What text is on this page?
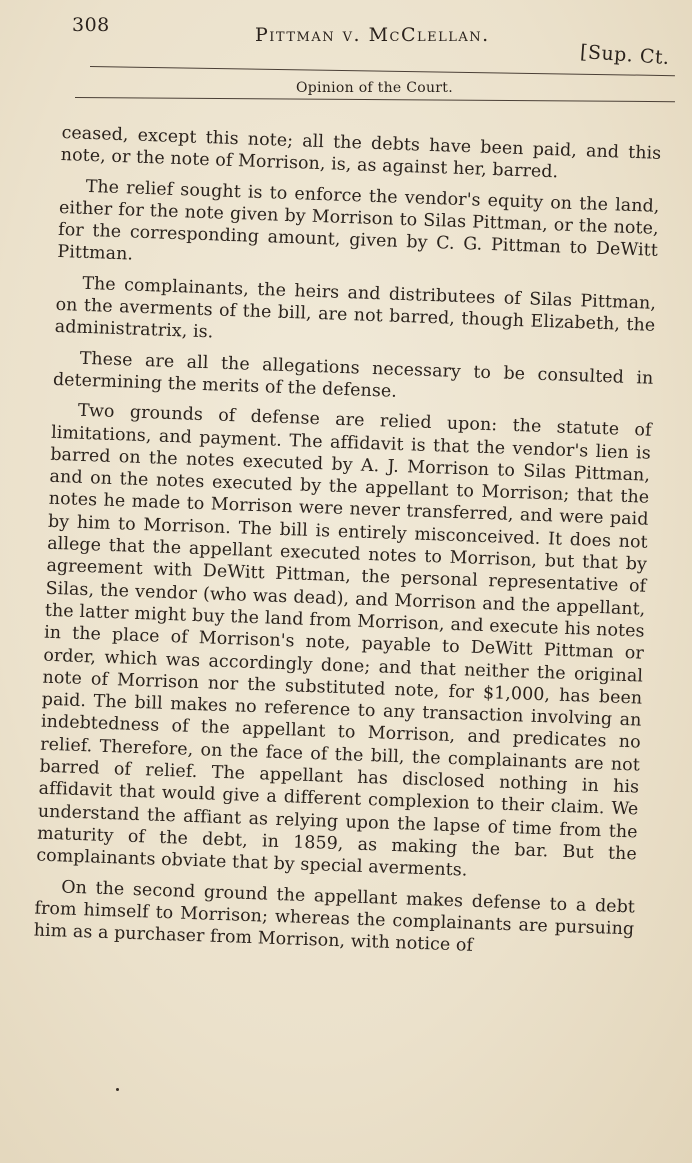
308	Pittman v. McClellan.
[Sup. Ct.
Opinion of the Court.

ceased, except this note; all the debts have been paid, and this note, or the note of Morrison, is, as against her, barred.

The relief sought is to enforce the vendor's equity on the land, either for the note given by Morrison to Silas Pittman, or the note, for the corresponding amount, given by C. G. Pittman to DeWitt Pittman.

The complainants, the heirs and distributees of Silas Pittman, on the averments of the bill, are not barred, though Elizabeth, the administratrix, is.

These are all the allegations necessary to be consulted in determining the merits of the defense.

Two grounds of defense are relied upon: the statute of limitations, and payment. The affidavit is that the vendor's lien is barred on the notes executed by A. J. Morrison to Silas Pittman, and on the notes executed by the appellant to Morrison; that the notes he made to Morrison were never transferred, and were paid by him to Morrison. The bill is entirely misconceived. It does not allege that the appellant executed notes to Morrison, but that by agreement with DeWitt Pittman, the personal representative of Silas, the vendor (who was dead), and Morrison and the appellant, the latter might buy the land from Morrison, and execute his notes in the place of Morrison's note, payable to DeWitt Pittman or order, which was accordingly done; and that neither the original note of Morrison nor the substituted note, for $1,000, has been paid. The bill makes no reference to any transaction involving an indebtedness of the appellant to Morrison, and predicates no relief. Therefore, on the face of the bill, the complainants are not barred of relief. The appellant has disclosed nothing in his affidavit that would give a different complexion to their claim. We understand the affiant as relying upon the lapse of time from the maturity of the debt, in 1859, as making the bar. But the complainants obviate that by special averments.

On the second ground the appellant makes defense to a debt from himself to Morrison; whereas the complainants are pursuing him as a purchaser from Morrison, with notice of
